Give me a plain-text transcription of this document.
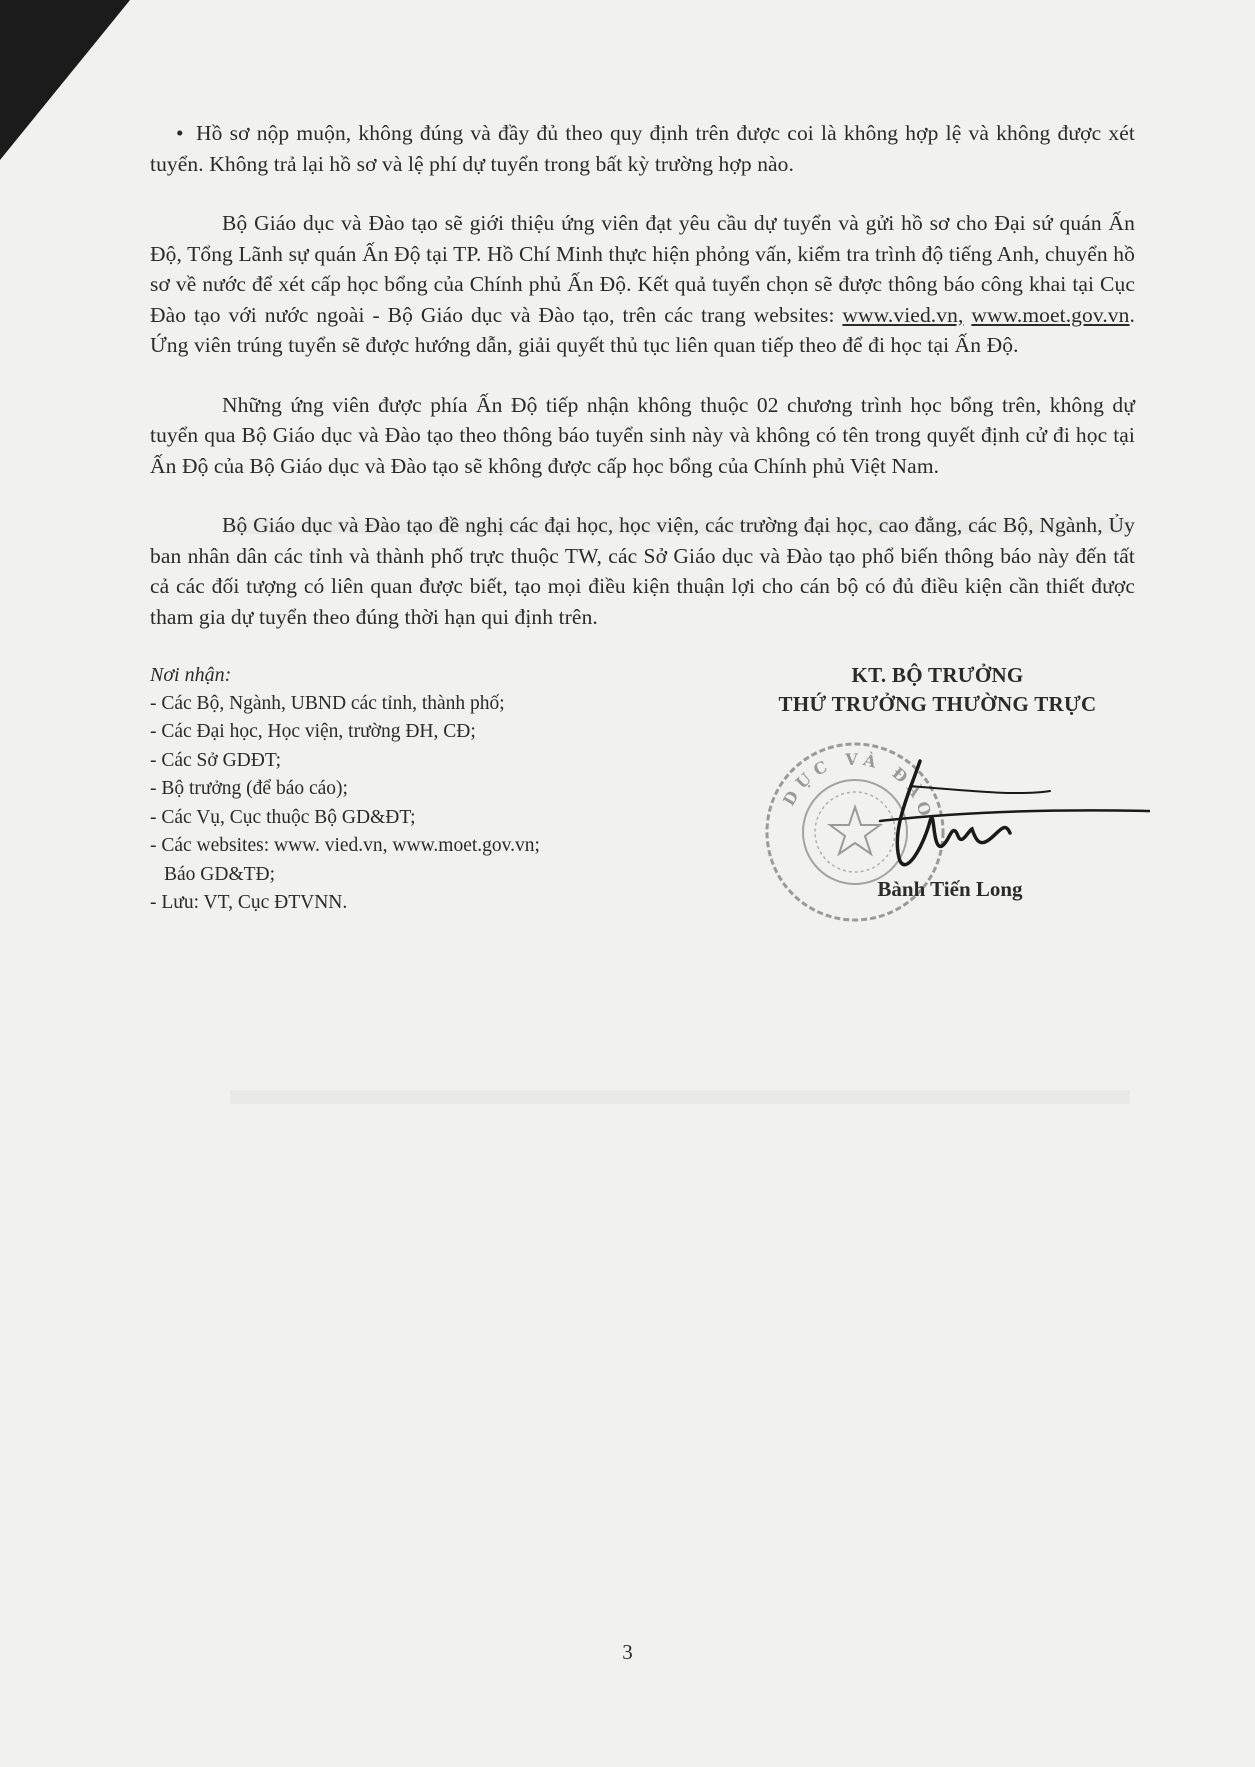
• Hồ sơ nộp muộn, không đúng và đầy đủ theo quy định trên được coi là không hợp lệ và không được xét tuyển. Không trả lại hồ sơ và lệ phí dự tuyển trong bất kỳ trường hợp nào.

Bộ Giáo dục và Đào tạo sẽ giới thiệu ứng viên đạt yêu cầu dự tuyển và gửi hồ sơ cho Đại sứ quán Ấn Độ, Tổng Lãnh sự quán Ấn Độ tại TP. Hồ Chí Minh thực hiện phỏng vấn, kiểm tra trình độ tiếng Anh, chuyển hồ sơ về nước để xét cấp học bổng của Chính phủ Ấn Độ. Kết quả tuyển chọn sẽ được thông báo công khai tại Cục Đào tạo với nước ngoài - Bộ Giáo dục và Đào tạo, trên các trang websites: www.vied.vn, www.moet.gov.vn. Ứng viên trúng tuyển sẽ được hướng dẫn, giải quyết thủ tục liên quan tiếp theo để đi học tại Ấn Độ.

Những ứng viên được phía Ấn Độ tiếp nhận không thuộc 02 chương trình học bổng trên, không dự tuyển qua Bộ Giáo dục và Đào tạo theo thông báo tuyển sinh này và không có tên trong quyết định cử đi học tại Ấn Độ của Bộ Giáo dục và Đào tạo sẽ không được cấp học bổng của Chính phủ Việt Nam.

Bộ Giáo dục và Đào tạo đề nghị các đại học, học viện, các trường đại học, cao đẳng, các Bộ, Ngành, Ủy ban nhân dân các tỉnh và thành phố trực thuộc TW, các Sở Giáo dục và Đào tạo phổ biến thông báo này đến tất cả các đối tượng có liên quan được biết, tạo mọi điều kiện thuận lợi cho cán bộ có đủ điều kiện cần thiết được tham gia dự tuyển theo đúng thời hạn qui định trên.

Nơi nhận:
- Các Bộ, Ngành, UBND các tỉnh, thành phố;
- Các Đại học, Học viện, trường ĐH, CĐ;
- Các Sở GDĐT;
- Bộ trưởng (để báo cáo);
- Các Vụ, Cục thuộc Bộ GD&ĐT;
- Các websites: www. vied.vn, www.moet.gov.vn;
Báo GD&TĐ;
- Lưu: VT, Cục ĐTVNN.
KT. BỘ TRƯỞNG
THỨ TRƯỞNG THƯỜNG TRỰC
DỤC VÀ ĐÀO
Bành Tiến Long
3
